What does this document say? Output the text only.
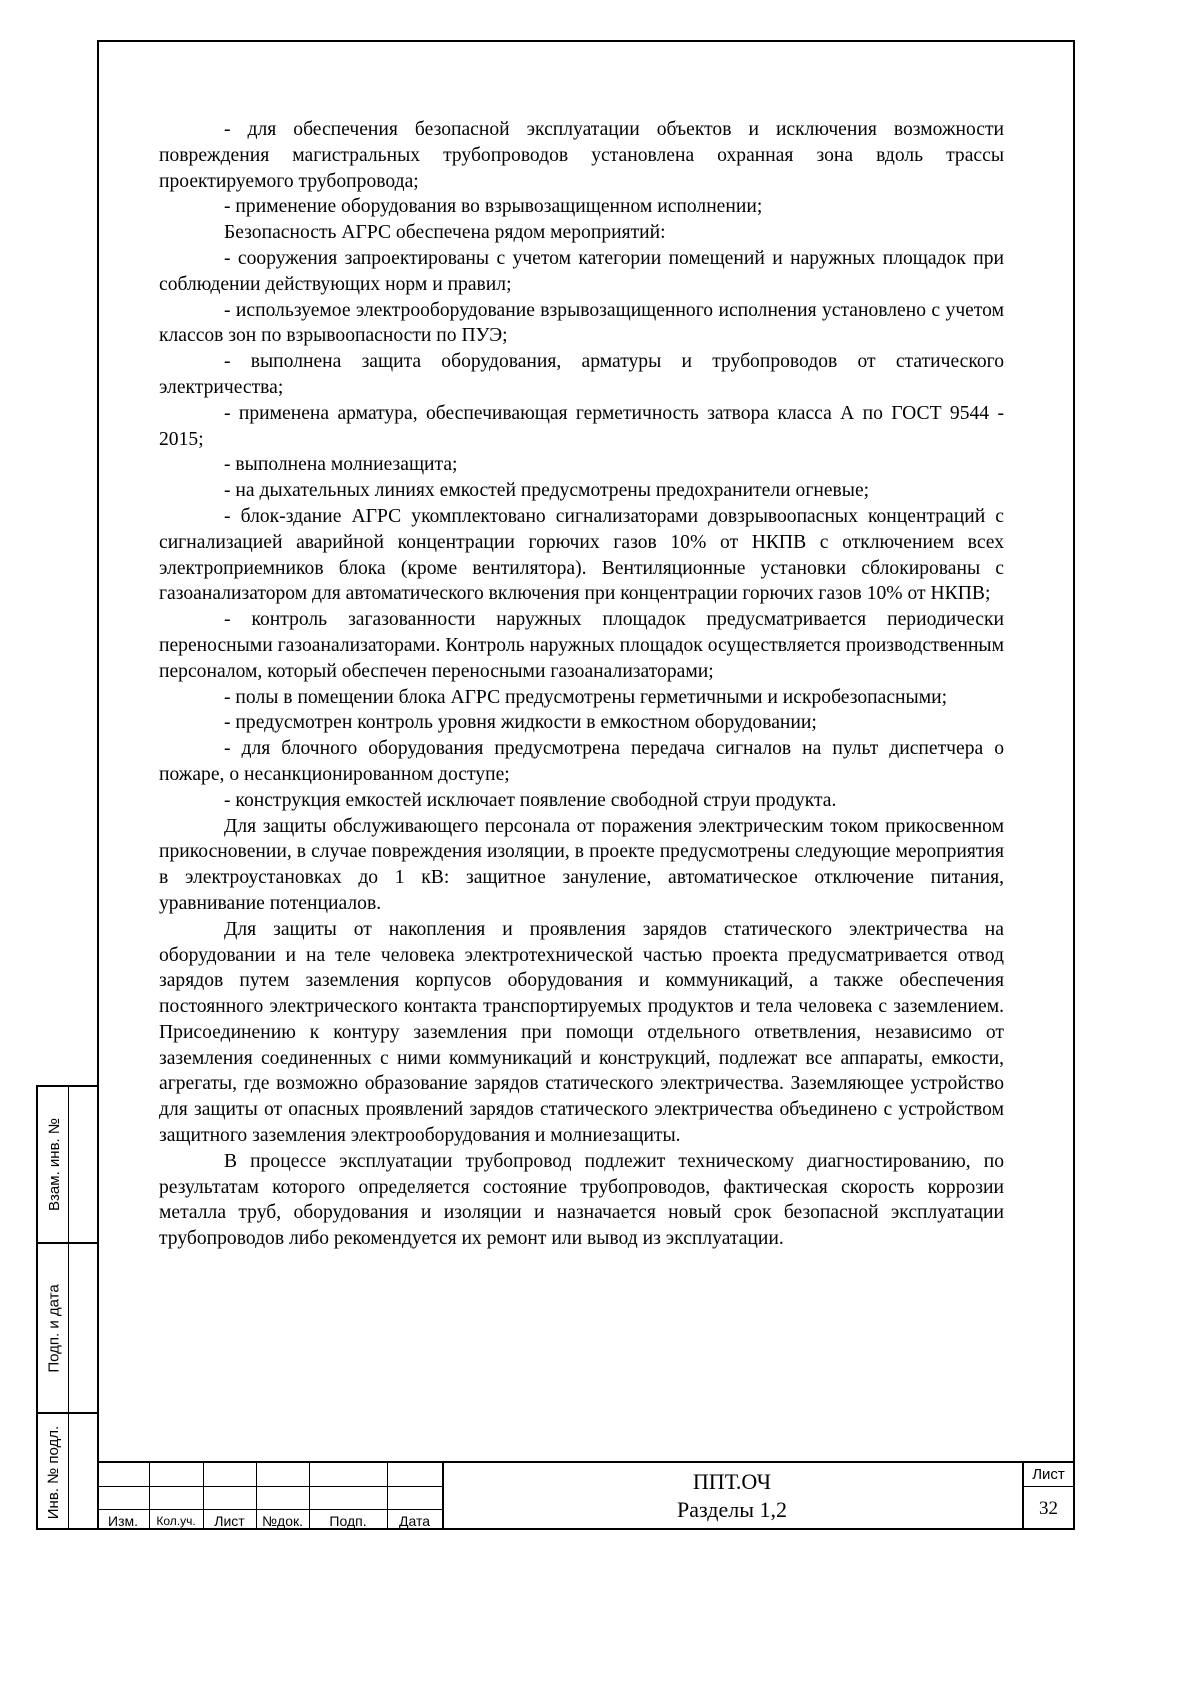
- для обеспечения безопасной эксплуатации объектов и исключения возможности повреждения магистральных трубопроводов установлена охранная зона вдоль трассы проектируемого трубопровода;

- применение оборудования во взрывозащищенном исполнении;

Безопасность АГРС обеспечена рядом мероприятий:

- сооружения запроектированы с учетом категории помещений и наружных площадок при соблюдении действующих норм и правил;

- используемое электрооборудование взрывозащищенного исполнения установлено с учетом классов зон по взрывоопасности по ПУЭ;

- выполнена защита оборудования, арматуры и трубопроводов от статического электричества;

- применена арматура, обеспечивающая герметичность затвора класса А по ГОСТ 9544 - 2015;

- выполнена молниезащита;

- на дыхательных линиях емкостей предусмотрены предохранители огневые;

- блок-здание АГРС укомплектовано сигнализаторами довзрывоопасных концентраций с сигнализацией аварийной концентрации горючих газов 10% от НКПВ с отключением всех электроприемников блока (кроме вентилятора). Вентиляционные установки сблокированы с газоанализатором для автоматического включения при концентрации горючих газов 10% от НКПВ;

- контроль загазованности наружных площадок предусматривается периодически переносными газоанализаторами. Контроль наружных площадок осуществляется производственным персоналом, который обеспечен переносными газоанализаторами;

- полы в помещении блока АГРС предусмотрены герметичными и искробезопасными;

- предусмотрен контроль уровня жидкости в емкостном оборудовании;

- для блочного оборудования предусмотрена передача сигналов на пульт диспетчера о пожаре, о несанкционированном доступе;

- конструкция емкостей исключает появление свободной струи продукта.

Для защиты обслуживающего персонала от поражения электрическим током прикосвенном прикосновении, в случае повреждения изоляции, в проекте предусмотрены следующие мероприятия в электроустановках до 1 кВ: защитное зануление, автоматическое отключение питания, уравнивание потенциалов.

Для защиты от накопления и проявления зарядов статического электричества на оборудовании и на теле человека электротехнической частью проекта предусматривается отвод зарядов путем заземления корпусов оборудования и коммуникаций, а также обеспечения постоянного электрического контакта транспортируемых продуктов и тела человека с заземлением. Присоединению к контуру заземления при помощи отдельного ответвления, независимо от заземления соединенных с ними коммуникаций и конструкций, подлежат все аппараты, емкости, агрегаты, где возможно образование зарядов статического электричества. Заземляющее устройство для защиты от опасных проявлений зарядов статического электричества объединено с устройством защитного заземления электрооборудования и молниезащиты.

В процессе эксплуатации трубопровод подлежит техническому диагностированию, по результатам которого определяется состояние трубопроводов, фактическая скорость коррозии металла труб, оборудования и изоляции и назначается новый срок безопасной эксплуатации трубопроводов либо рекомендуется их ремонт или вывод из эксплуатации.

Взам. инв. №
Подп. и дата
Инв. № подл.
Изм.	Кол.уч.	Лист	№док.	Подп.	Дата
ППТ.ОЧ
Разделы 1,2
Лист
32
